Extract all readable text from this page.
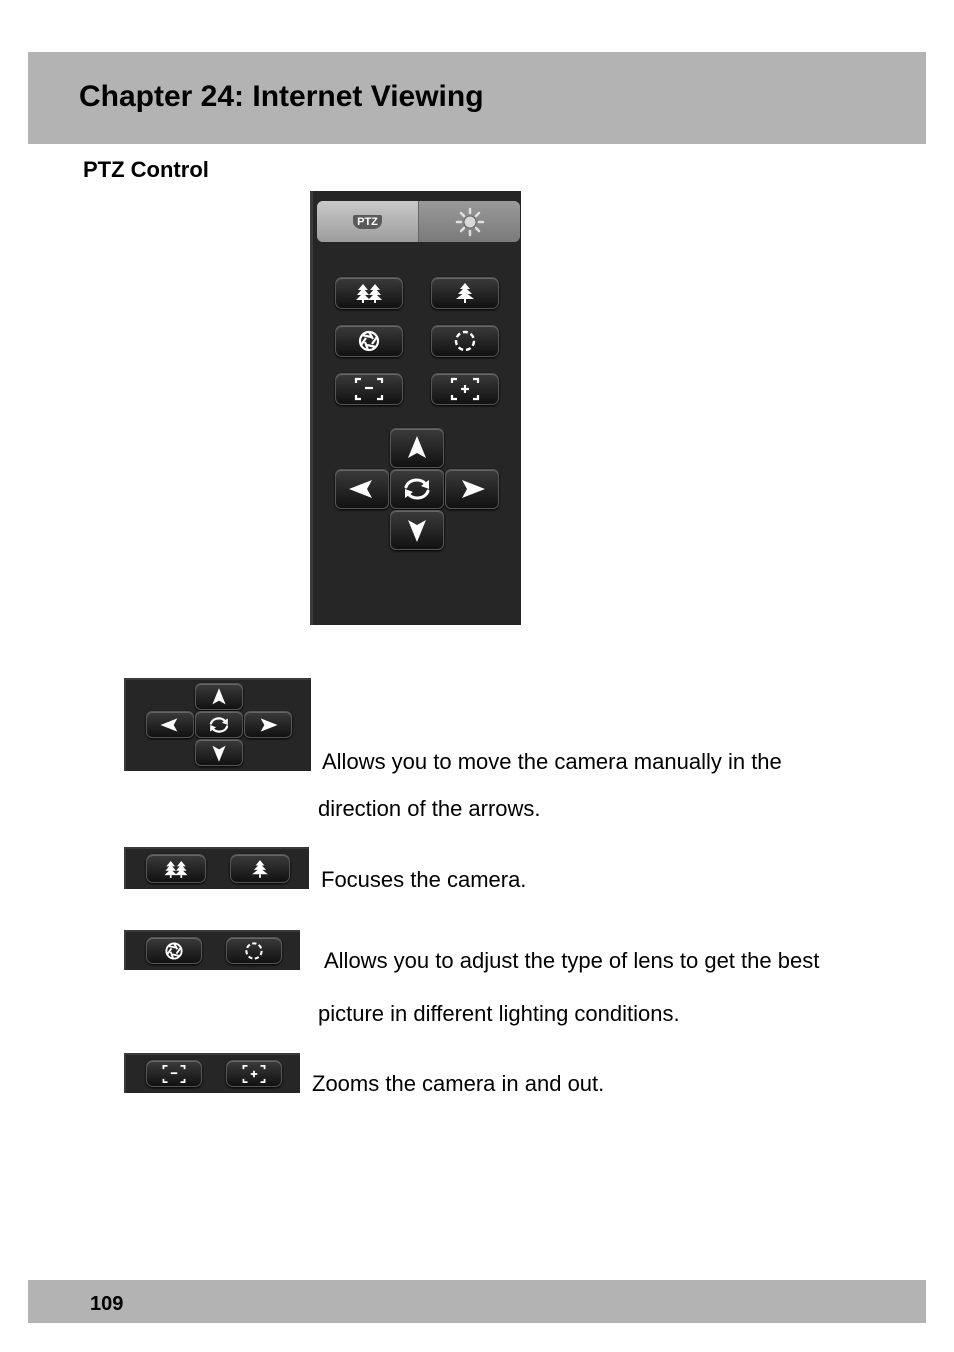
Chapter 24: Internet Viewing
PTZ Control
PTZ

Allows you to move the camera manually in the

direction of the arrows.

Focuses the camera.

Allows you to adjust the type of lens to get the best

picture in different lighting conditions.

Zooms the camera in and out.

109
